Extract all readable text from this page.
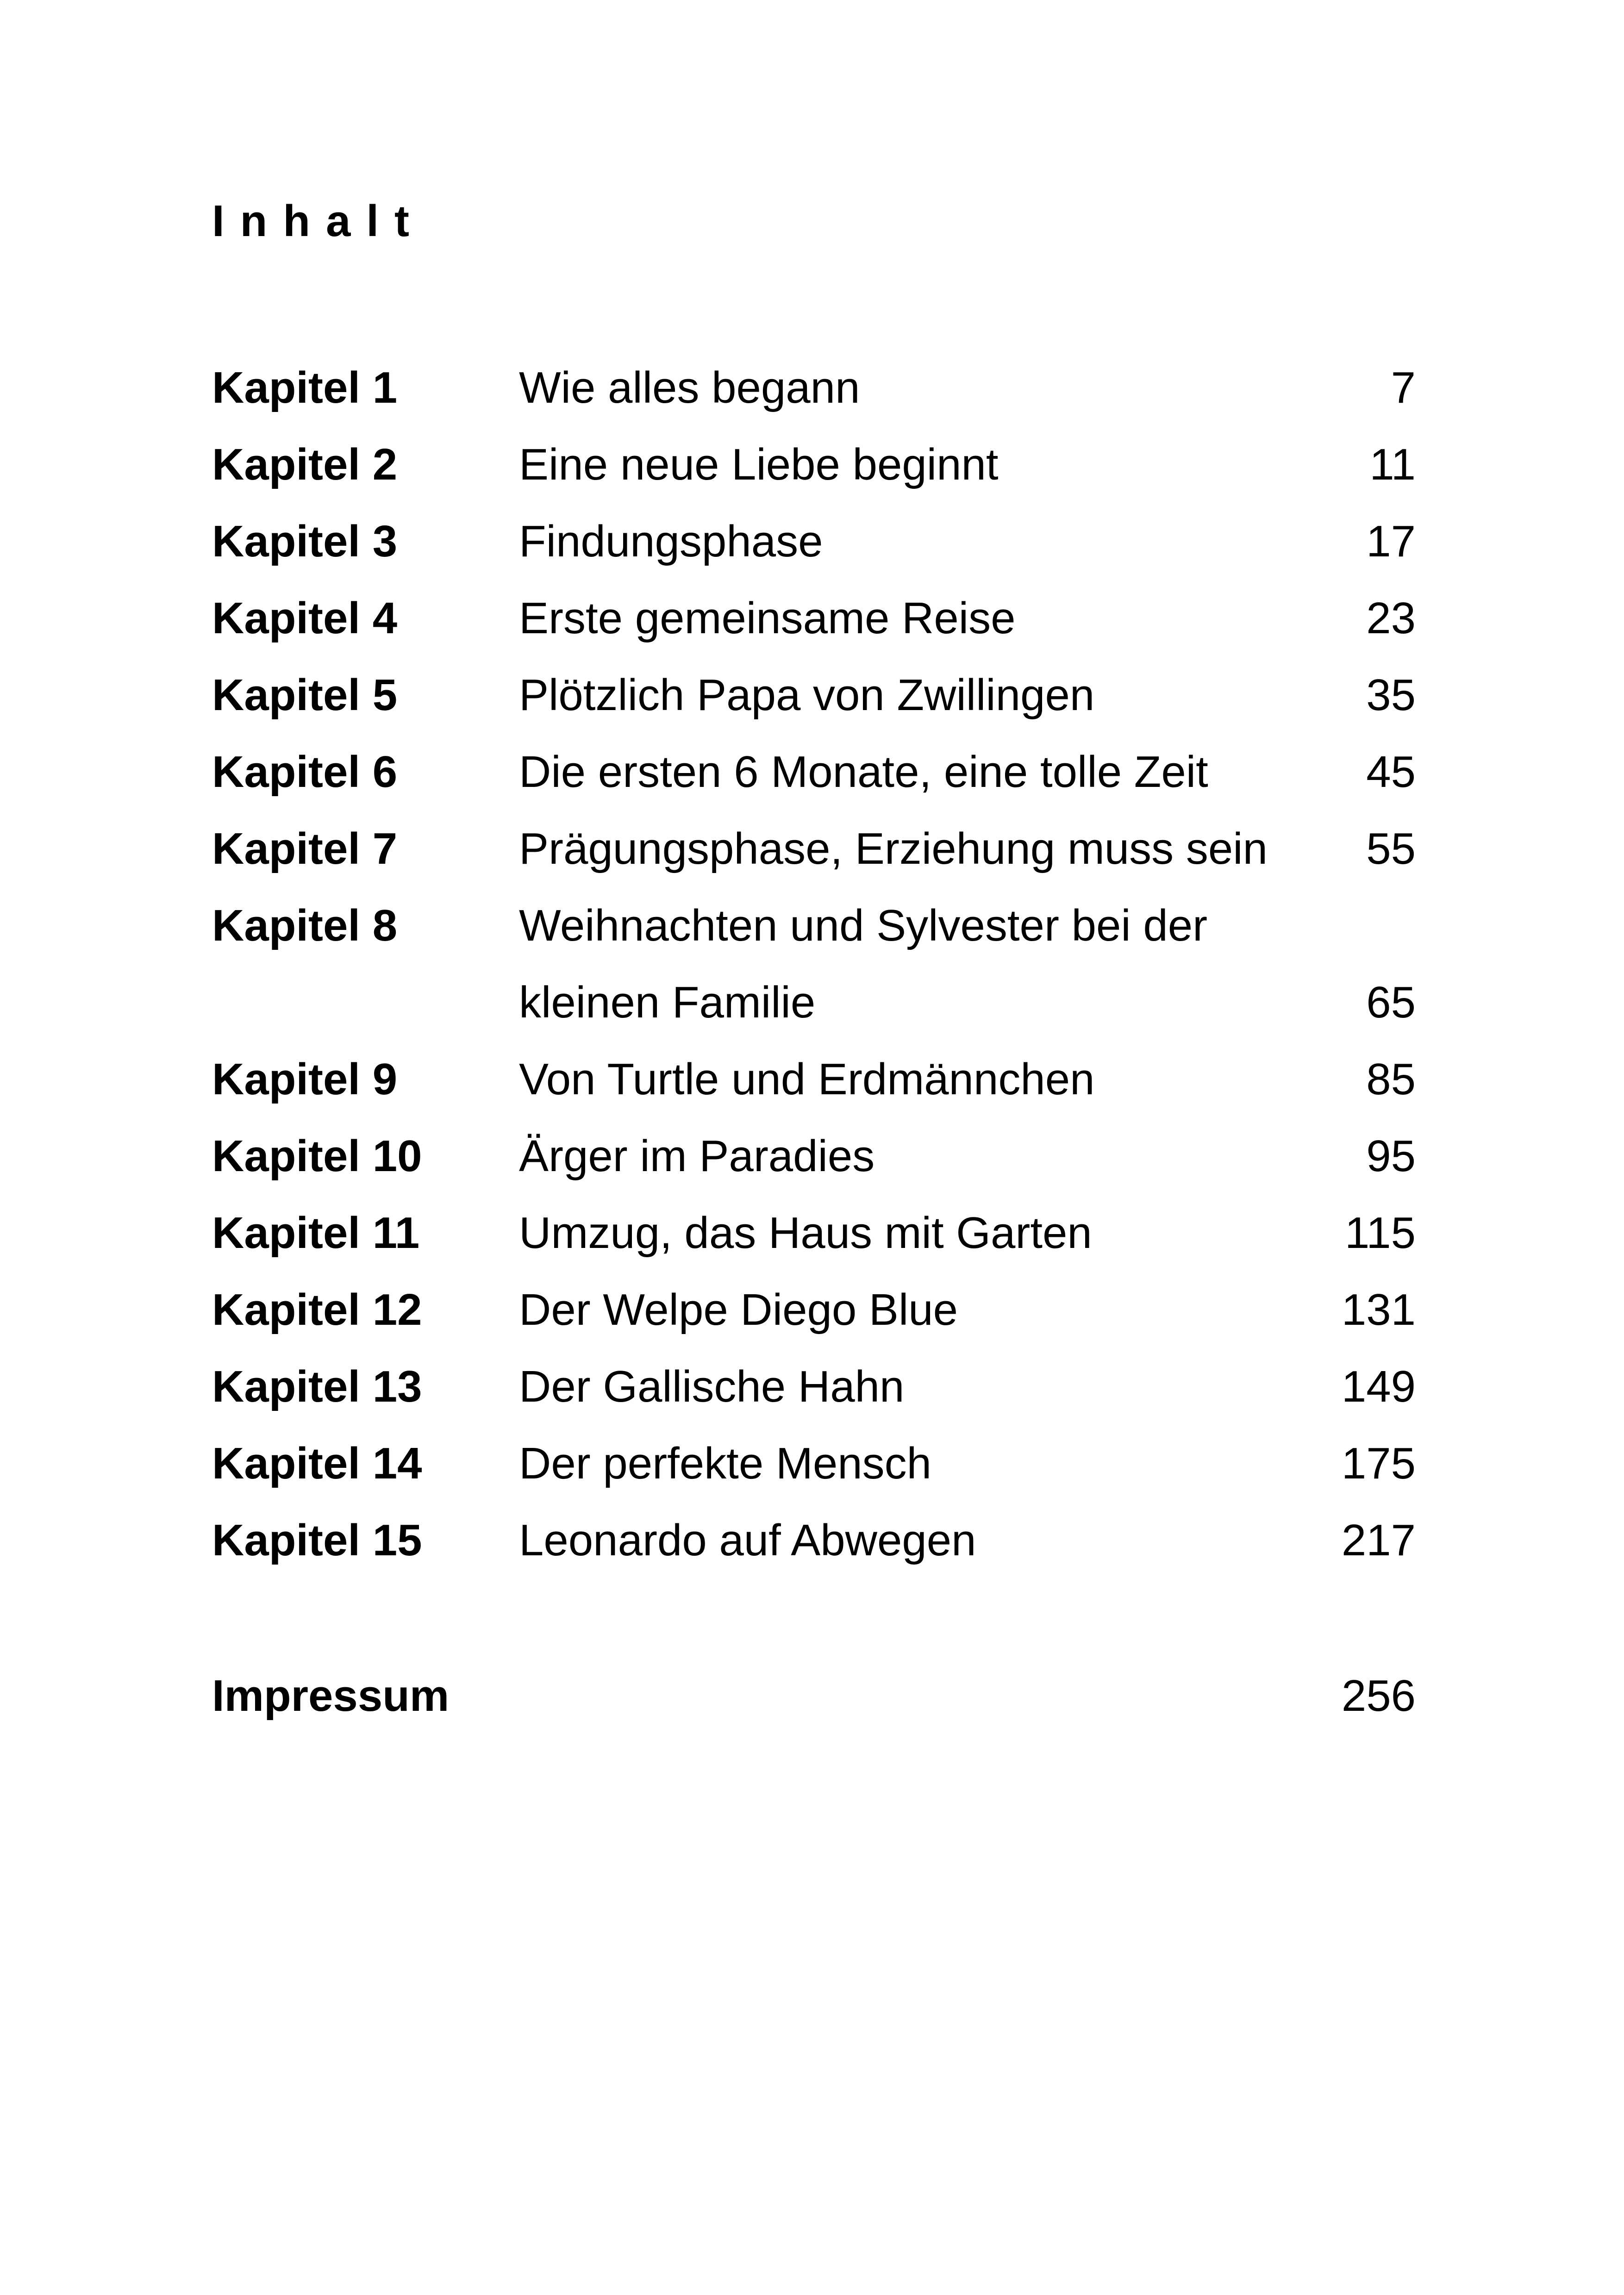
Inhalt
Kapitel 1	Wie alles begann	7
Kapitel 2	Eine neue Liebe beginnt	11
Kapitel 3	Findungsphase	17
Kapitel 4	Erste gemeinsame Reise	23
Kapitel 5	Plötzlich Papa von Zwillingen	35
Kapitel 6	Die ersten 6 Monate, eine tolle Zeit	45
Kapitel 7	Prägungsphase, Erziehung muss sein 55
Kapitel 8	Weihnachten und Sylvester bei der
kleinen Familie	65
Kapitel 9	Von Turtle und Erdmännchen	85
Kapitel 10 Ärger im Paradies	95
Kapitel 11 Umzug, das Haus mit Garten	115
Kapitel 12 Der Welpe Diego Blue	131
Kapitel 13 Der Gallische Hahn	149
Kapitel 14 Der perfekte Mensch	175
Kapitel 15 Leonardo auf Abwegen	217
Impressum	256
